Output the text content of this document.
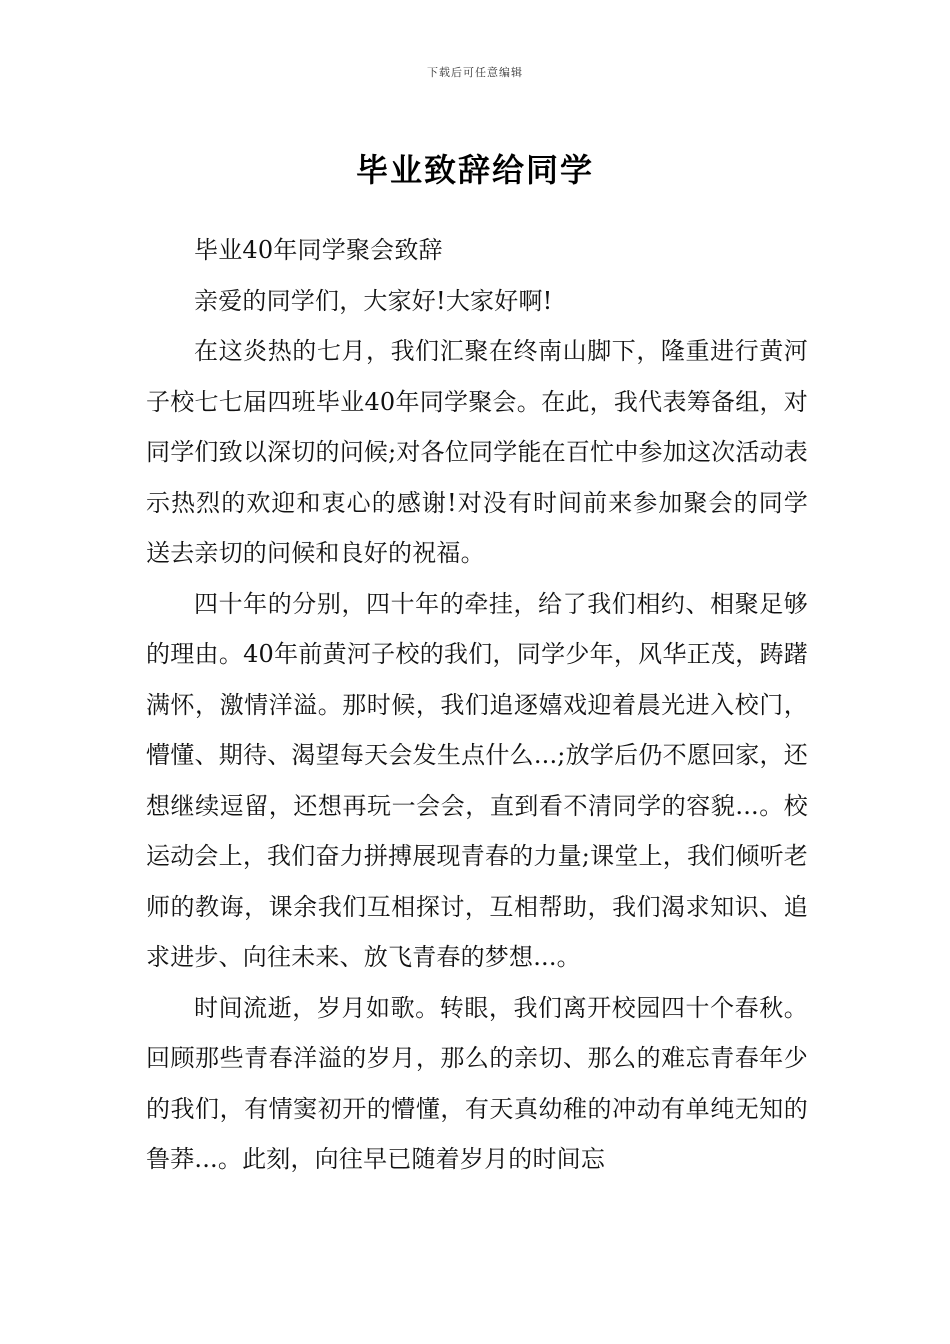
下载后可任意编辑
毕业致辞给同学

毕业40年同学聚会致辞

亲爱的同学们，大家好!大家好啊!

在这炎热的七月，我们汇聚在终南山脚下，隆重进行黄河子校七七届四班毕业40年同学聚会。在此，我代表筹备组，对同学们致以深切的问候;对各位同学能在百忙中参加这次活动表示热烈的欢迎和衷心的感谢!对没有时间前来参加聚会的同学送去亲切的问候和良好的祝福。

四十年的分别，四十年的牵挂，给了我们相约、相聚足够的理由。40年前黄河子校的我们，同学少年，风华正茂，踌躇满怀，激情洋溢。那时候，我们追逐嬉戏迎着晨光进入校门，懵懂、期待、渴望每天会发生点什么...;放学后仍不愿回家，还想继续逗留，还想再玩一会会，直到看不清同学的容貌...。校运动会上，我们奋力拼搏展现青春的力量;课堂上，我们倾听老师的教诲，课余我们互相探讨，互相帮助，我们渴求知识、追求进步、向往未来、放飞青春的梦想...。

时间流逝，岁月如歌。转眼，我们离开校园四十个春秋。回顾那些青春洋溢的岁月，那么的亲切、那么的难忘青春年少的我们，有情窦初开的懵懂，有天真幼稚的冲动有单纯无知的鲁莽...。此刻，向往早已随着岁月的时间忘
